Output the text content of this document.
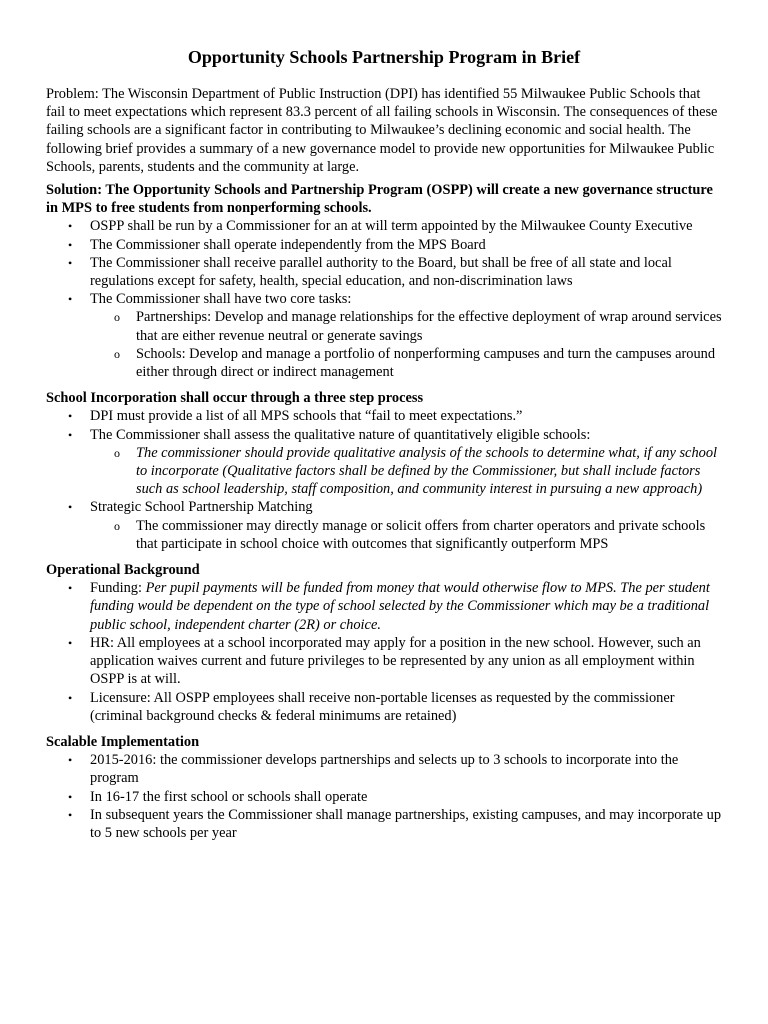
Opportunity Schools Partnership Program in Brief

Problem: The Wisconsin Department of Public Instruction (DPI) has identified 55 Milwaukee Public Schools that fail to meet expectations which represent 83.3 percent of all failing schools in Wisconsin. The consequences of these failing schools are a significant factor in contributing to Milwaukee’s declining economic and social health. The following brief provides a summary of a new governance model to provide new opportunities for Milwaukee Public Schools, parents, students and the community at large.

Solution: The Opportunity Schools and Partnership Program (OSPP) will create a new governance structure in MPS to free students from nonperforming schools.

• OSPP shall be run by a Commissioner for an at will term appointed by the Milwaukee County Executive
• The Commissioner shall operate independently from the MPS Board
• The Commissioner shall receive parallel authority to the Board, but shall be free of all state and local regulations except for safety, health, special education, and non-discrimination laws
• The Commissioner shall have two core tasks:
o Partnerships: Develop and manage relationships for the effective deployment of wrap around services that are either revenue neutral or generate savings
o Schools: Develop and manage a portfolio of nonperforming campuses and turn the campuses around either through direct or indirect management

School Incorporation shall occur through a three step process

• DPI must provide a list of all MPS schools that “fail to meet expectations.”
• The Commissioner shall assess the qualitative nature of quantitatively eligible schools:
o The commissioner should provide qualitative analysis of the schools to determine what, if any school to incorporate (Qualitative factors shall be defined by the Commissioner, but shall include factors such as school leadership, staff composition, and community interest in pursuing a new approach)
• Strategic School Partnership Matching
o The commissioner may directly manage or solicit offers from charter operators and private schools that participate in school choice with outcomes that significantly outperform MPS

Operational Background

• Funding: Per pupil payments will be funded from money that would otherwise flow to MPS. The per student funding would be dependent on the type of school selected by the Commissioner which may be a traditional public school, independent charter (2R) or choice.
• HR: All employees at a school incorporated may apply for a position in the new school. However, such an application waives current and future privileges to be represented by any union as all employment within OSPP is at will.
• Licensure: All OSPP employees shall receive non-portable licenses as requested by the commissioner (criminal background checks & federal minimums are retained)

Scalable Implementation

• 2015-2016: the commissioner develops partnerships and selects up to 3 schools to incorporate into the program
• In 16-17 the first school or schools shall operate
• In subsequent years the Commissioner shall manage partnerships, existing campuses, and may incorporate up to 5 new schools per year
